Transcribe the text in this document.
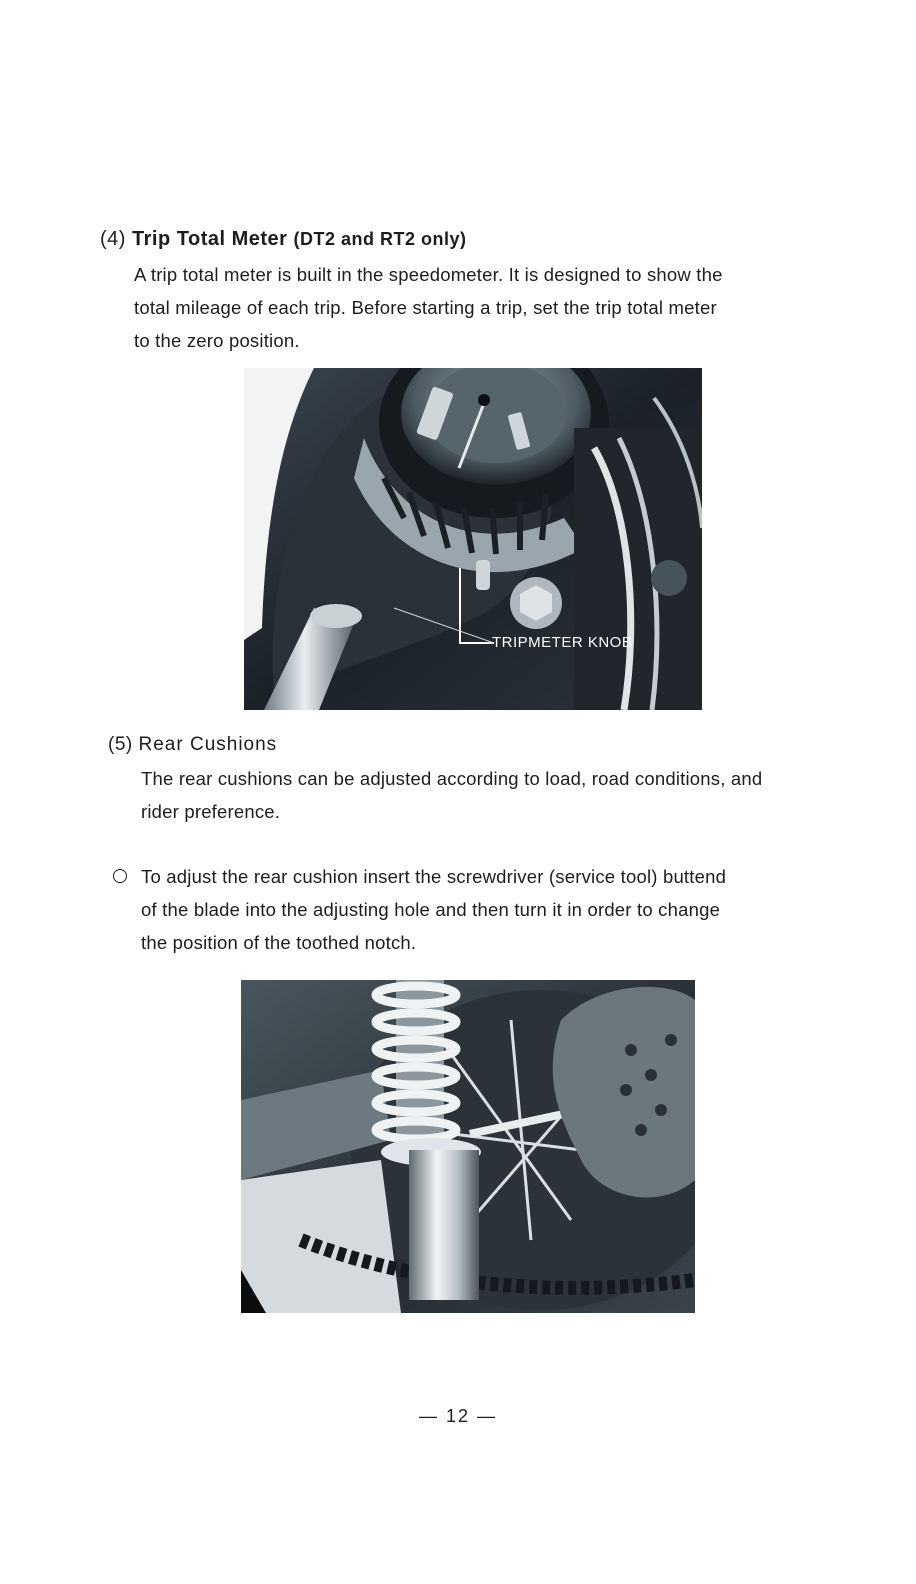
(4) Trip Total Meter (DT2 and RT2 only)
A trip total meter is built in the speedometer. It is designed to show the
total mileage of each trip. Before starting a trip, set the trip total meter
to the zero position.
TRIPMETER KNOB
(5) Rear Cushions
The rear cushions can be adjusted according to load, road conditions, and
rider preference.
To adjust the rear cushion insert the screwdriver (service tool) buttend
of the blade into the adjusting hole and then turn it in order to change
the position of the toothed notch.
— 12 —
